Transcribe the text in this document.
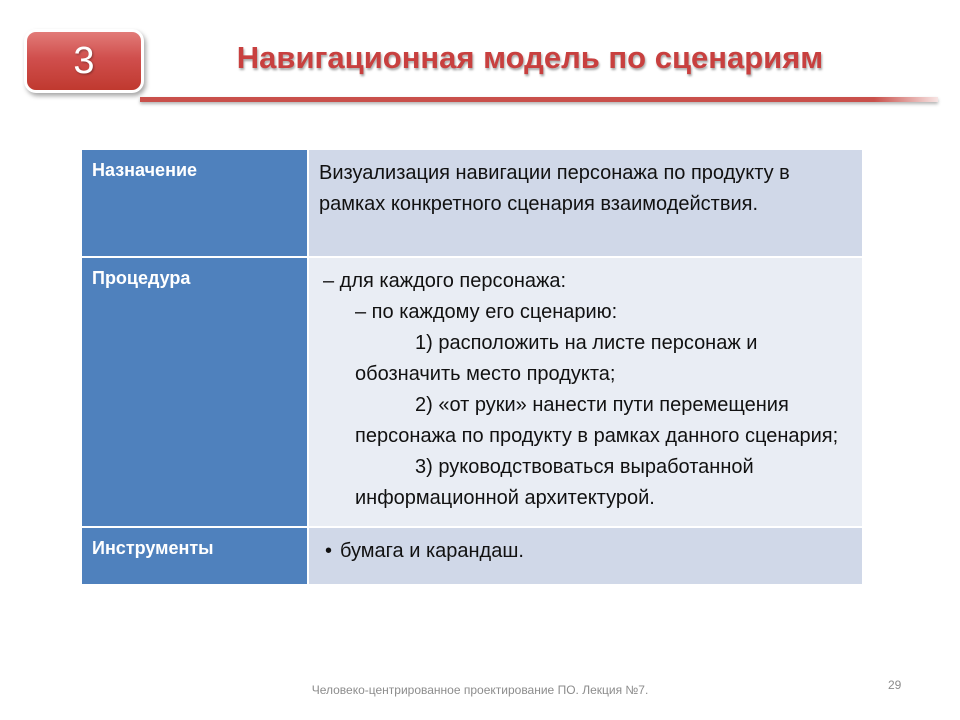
3	Навигационная модель по сценариям
Назначение	Визуализация навигации персонажа по продукту в рамках конкретного сценария взаимодействия.
Процедура	– для каждого персонажа:
– по каждому его сценарию:
1) расположить на листе персонаж и обозначить место продукта;
2) «от руки» нанести пути перемещения персонажа по продукту в рамках данного сценария;
3) руководствоваться выработанной информационной архитектурой.

Инструменты	• бумага и карандаш.
Человеко-центрированное проектирование ПО. Лекция №7.	29
